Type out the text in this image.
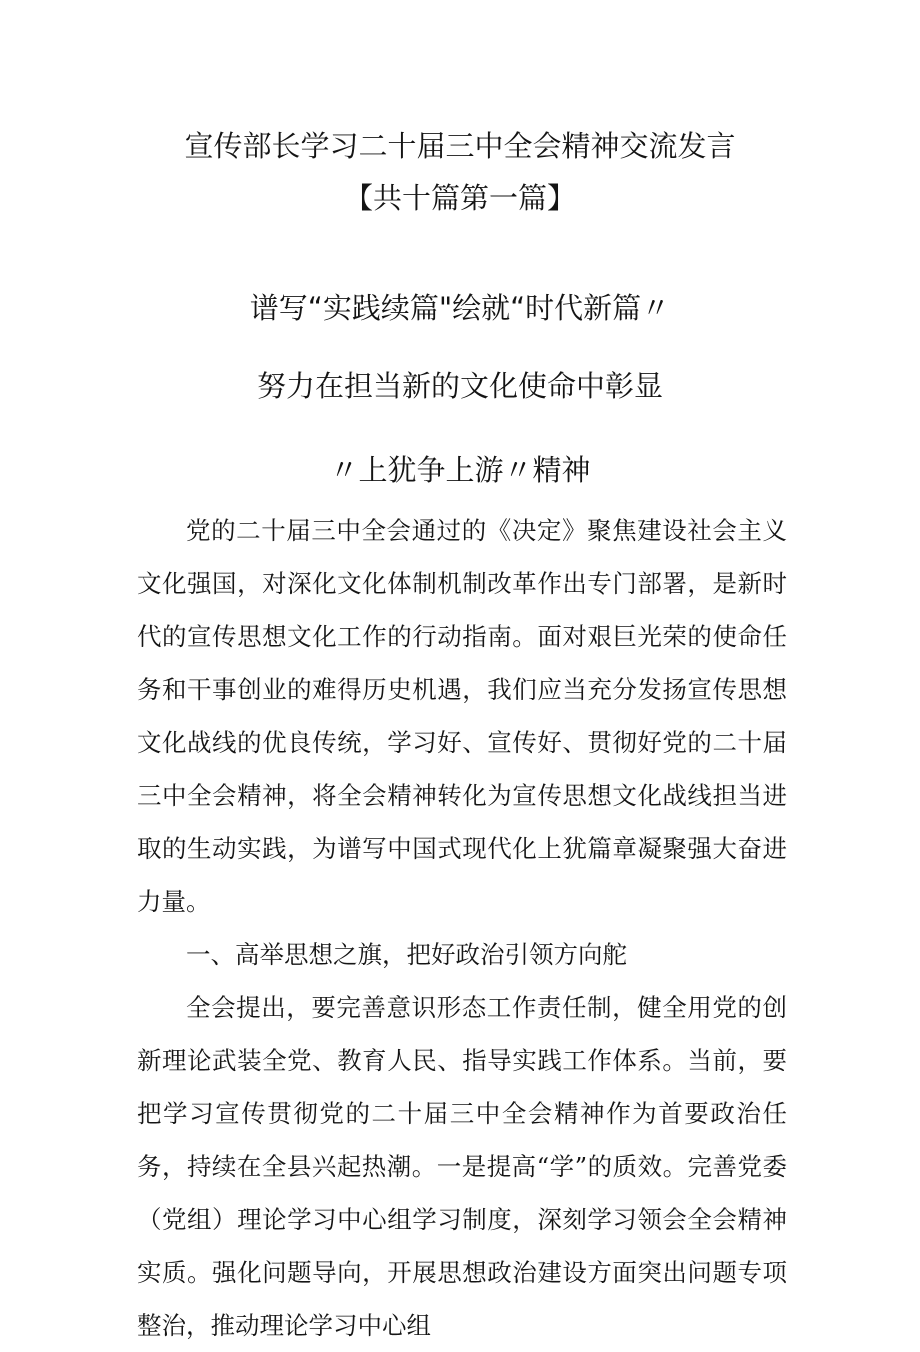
宣传部长学习二十届三中全会精神交流发言
【共十篇第一篇】
谱写“实践续篇"绘就“时代新篇〃
努力在担当新的文化使命中彰显
〃上犹争上游〃精神

党的二十届三中全会通过的《决定》聚焦建设社会主义文化强国，对深化文化体制机制改革作出专门部署，是新时代的宣传思想文化工作的行动指南。面对艰巨光荣的使命任务和干事创业的难得历史机遇，我们应当充分发扬宣传思想文化战线的优良传统，学习好、宣传好、贯彻好党的二十届三中全会精神，将全会精神转化为宣传思想文化战线担当进取的生动实践，为谱写中国式现代化上犹篇章凝聚强大奋进力量。

一、高举思想之旗，把好政治引领方向舵

全会提出，要完善意识形态工作责任制，健全用党的创新理论武装全党、教育人民、指导实践工作体系。当前，要把学习宣传贯彻党的二十届三中全会精神作为首要政治任务，持续在全县兴起热潮。一是提高“学”的质效。完善党委（党组）理论学习中心组学习制度，深刻学习领会全会精神实质。强化问题导向，开展思想政治建设方面突出问题专项整治，推动理论学习中心组
